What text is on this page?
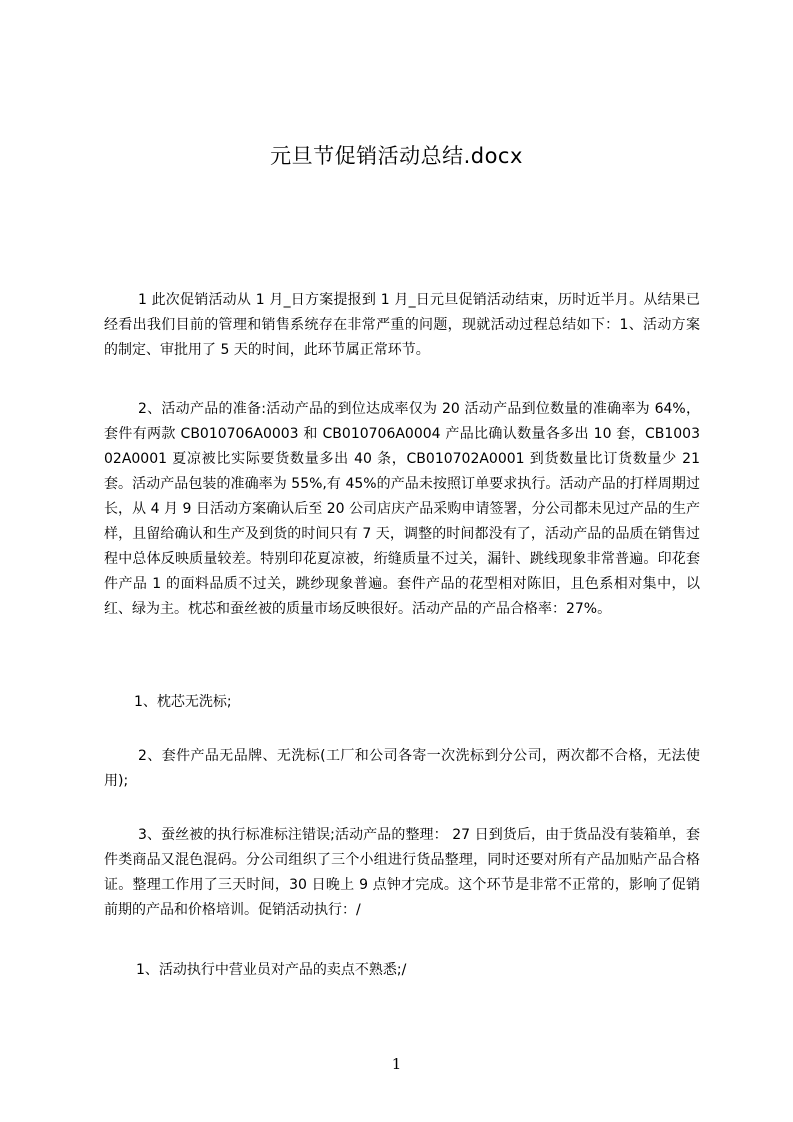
元旦节促销活动总结.docx

1 此次促销活动从 1 月_日方案提报到 1 月_日元旦促销活动结束，历时近半月。从结果已经看出我们目前的管理和销售系统存在非常严重的问题，现就活动过程总结如下：1、活动方案的制定、审批用了 5 天的时间，此环节属正常环节。

2、活动产品的准备:活动产品的到位达成率仅为 20 活动产品到位数量的准确率为 64%，套件有两款 CB010706A0003 和 CB010706A0004 产品比确认数量各多出 10 套，CB100302A0001 夏凉被比实际要货数量多出 40 条，CB010702A0001 到货数量比订货数量少 21 套。活动产品包装的准确率为 55%,有 45%的产品未按照订单要求执行。活动产品的打样周期过长，从 4 月 9 日活动方案确认后至 20 公司店庆产品采购申请签署，分公司都未见过产品的生产样，且留给确认和生产及到货的时间只有 7 天，调整的时间都没有了，活动产品的品质在销售过程中总体反映质量较差。特别印花夏凉被，绗缝质量不过关，漏针、跳线现象非常普遍。印花套件产品 1 的面料品质不过关，跳纱现象普遍。套件产品的花型相对陈旧，且色系相对集中，以红、绿为主。枕芯和蚕丝被的质量市场反映很好。活动产品的产品合格率：27%。

1、枕芯无洗标;

2、套件产品无品牌、无洗标(工厂和公司各寄一次洗标到分公司，两次都不合格，无法使用);

3、蚕丝被的执行标准标注错误;活动产品的整理： 27 日到货后，由于货品没有装箱单，套件类商品又混色混码。分公司组织了三个小组进行货品整理，同时还要对所有产品加贴产品合格证。整理工作用了三天时间，30 日晚上 9 点钟才完成。这个环节是非常不正常的，影响了促销前期的产品和价格培训。促销活动执行：/

1、活动执行中营业员对产品的卖点不熟悉;/

1
